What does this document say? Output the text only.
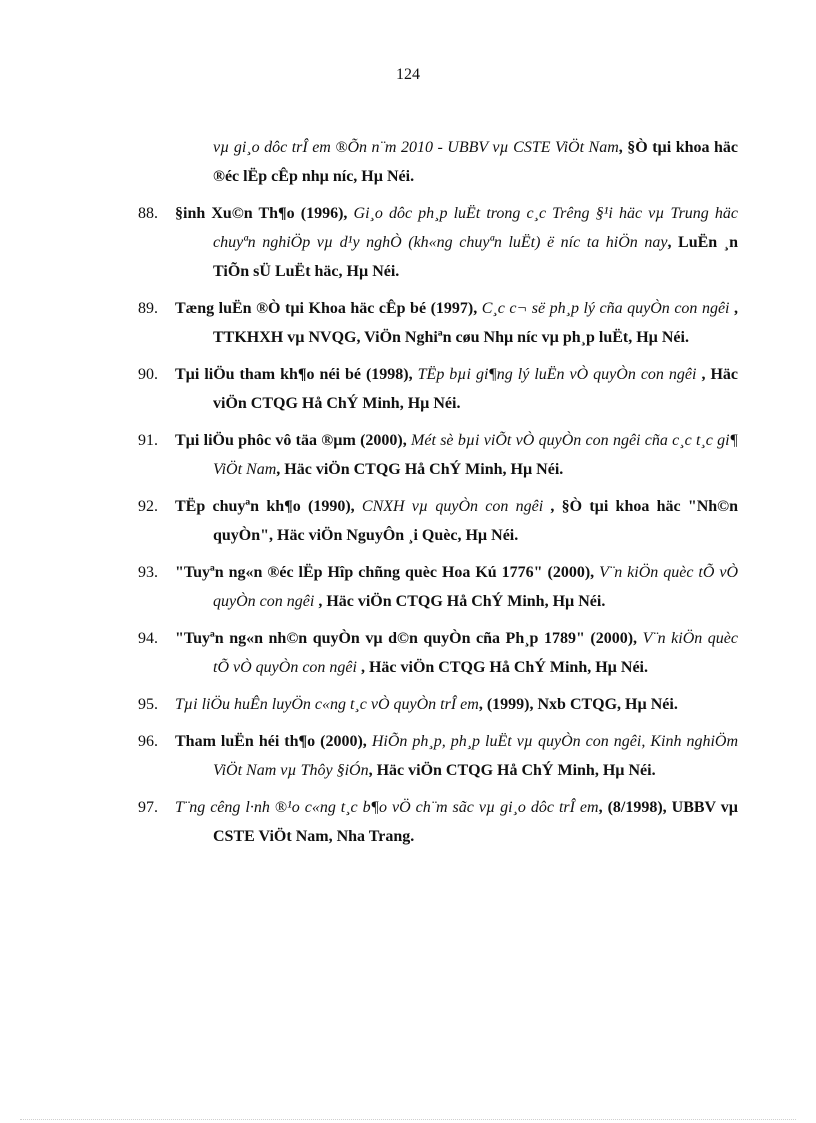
124
vµ gi¸o dôc trÎ em ®Õn n¨m 2010 - UBBV vµ CSTE ViÖt Nam, §Ò tµi khoa häc ®éc lËp cÊp nhµ níc, Hµ Néi.
88. §inh Xu©n Th¶o (1996), Gi¸o dôc ph¸p luËt trong c¸c Trêng §¹i häc vµ Trung häc chuyªn nghiÖp vµ d¹y nghÒ (kh«ng chuyªn luËt) ë níc ta hiÖn nay, LuËn ¸n TiÕn sÜ LuËt häc, Hµ Néi.
89. Tæng luËn ®Ò tµi Khoa häc cÊp bé (1997), C¸c c¬ së ph¸p lý cña quyÒn con ngêi , TTKHXH vµ NVQG, ViÖn Nghiªn cøu Nhµ níc vµ ph¸p luËt, Hµ Néi.
90. Tµi liÖu tham kh¶o néi bé (1998), TËp bµi gi¶ng lý luËn vÒ quyÒn con ngêi , Häc viÖn CTQG Hå ChÝ Minh, Hµ Néi.
91. Tµi liÖu phôc vô täa ®µm (2000), Mét sè bµi viÕt vÒ quyÒn con ngêi cña c¸c t¸c gi¶ ViÖt Nam, Häc viÖn CTQG Hå ChÝ Minh, Hµ Néi.
92. TËp chuyªn kh¶o (1990), CNXH vµ quyÒn con ngêi , §Ò tµi khoa häc "Nh©n quyÒn", Häc viÖn NguyÔn ¸i Quèc, Hµ Néi.
93. "Tuyªn ng«n ®éc lËp Hîp chñng quèc Hoa Kú 1776" (2000), V¨n kiÖn quèc tÕ vÒ quyÒn con ngêi , Häc viÖn CTQG Hå ChÝ Minh, Hµ Néi.
94. "Tuyªn ng«n nh©n quyÒn vµ d©n quyÒn cña Ph¸p 1789" (2000), V¨n kiÖn quèc tÕ vÒ quyÒn con ngêi , Häc viÖn CTQG Hå ChÝ Minh, Hµ Néi.
95. Tµi liÖu huÊn luyÖn c«ng t¸c vÒ quyÒn trÎ em, (1999), Nxb CTQG, Hµ Néi.
96. Tham luËn héi th¶o (2000), HiÕn ph¸p, ph¸p luËt vµ quyÒn con ngêi, Kinh nghiÖm ViÖt Nam vµ Thôy §iÓn, Häc viÖn CTQG Hå ChÝ Minh, Hµ Néi.
97. T¨ng cêng l·nh ®¹o c«ng t¸c b¶o vÖ ch¨m sãc vµ gi¸o dôc trÎ em, (8/1998), UBBV vµ CSTE ViÖt Nam, Nha Trang.
